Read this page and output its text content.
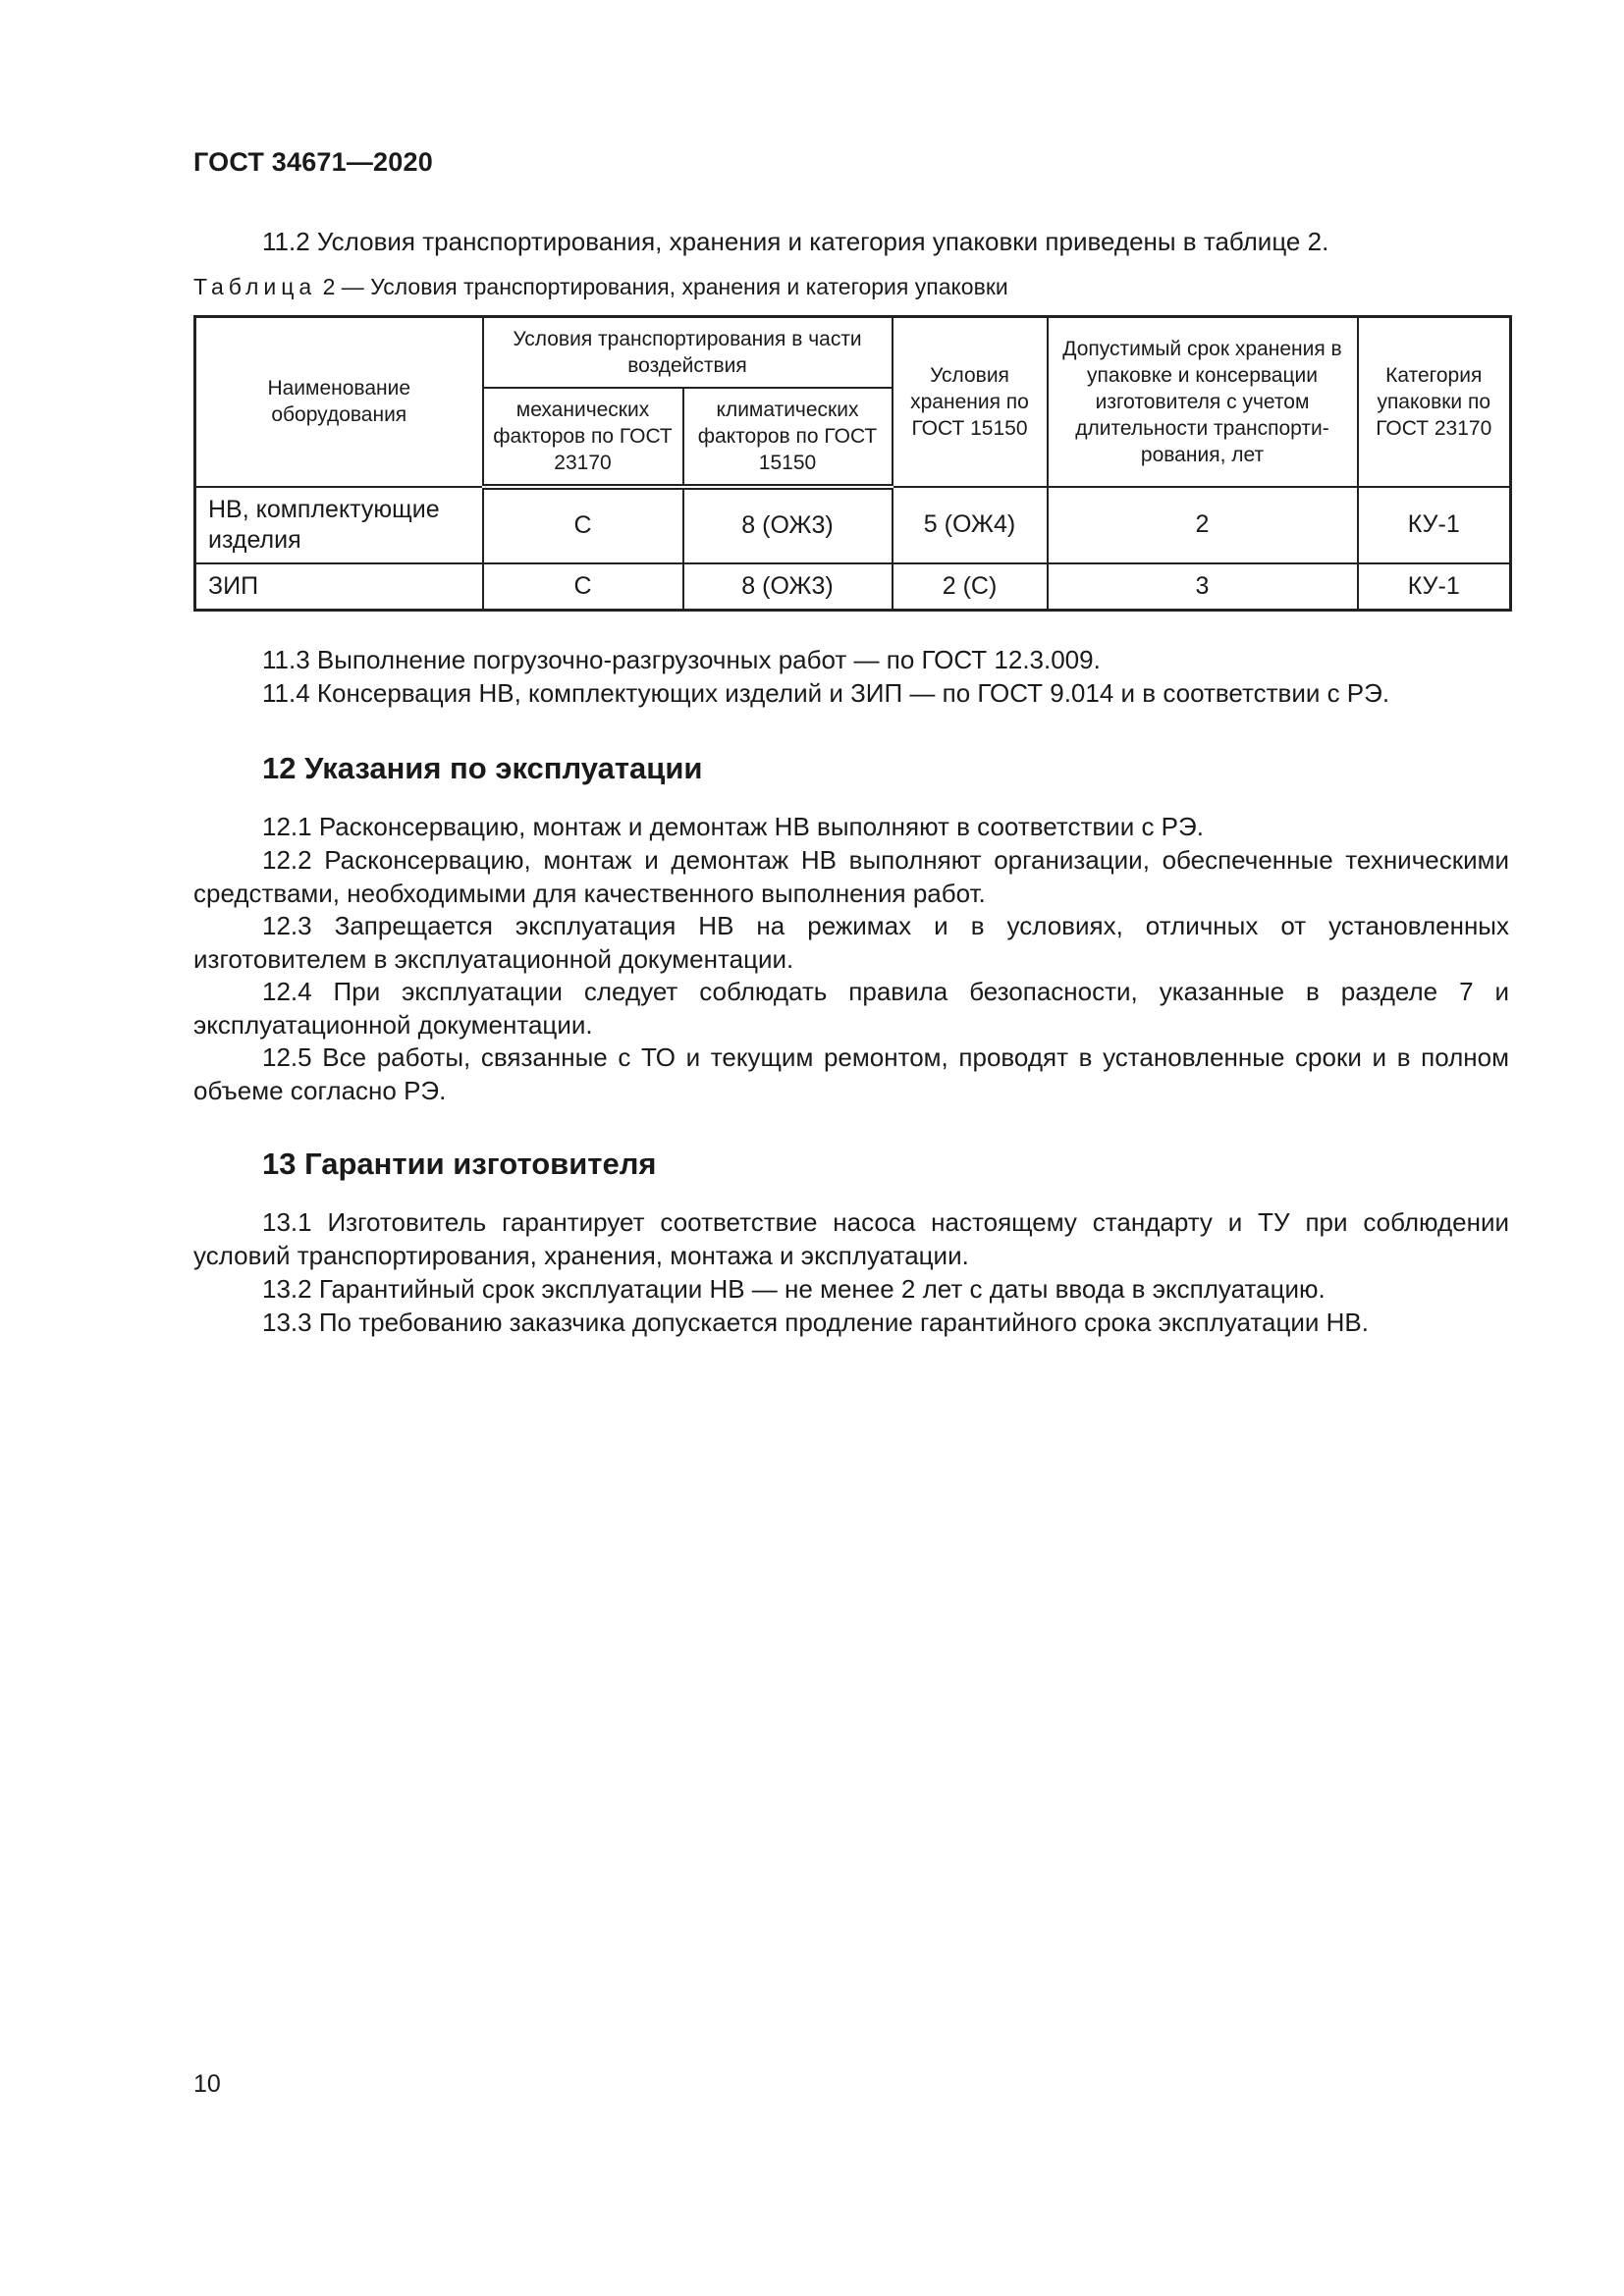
ГОСТ 34671—2020
11.2 Условия транспортирования, хранения и категория упаковки приведены в таблице 2.
Таблица 2 — Условия транспортирования, хранения и категория упаковки
Наименование оборудования	Условия транспортирования в части воздействия		Условия хранения по ГОСТ 15150	Допустимый срок хранения в упаковке и консервации изготовителя с учетом длительности транспорти-рования, лет	Категория упаковки по ГОСТ 23170
	механических факторов по ГОСТ 23170	климатических факторов по ГОСТ 15150			
НВ, комплектующие изделия	С	8 (ОЖ3)	5 (ОЖ4)	2	КУ-1
ЗИП	С	8 (ОЖ3)	2 (С)	3	КУ-1
11.3 Выполнение погрузочно-разгрузочных работ — по ГОСТ 12.3.009.
11.4 Консервация НВ, комплектующих изделий и ЗИП — по ГОСТ 9.014 и в соответствии с РЭ.
12 Указания по эксплуатации
12.1 Расконсервацию, монтаж и демонтаж НВ выполняют в соответствии с РЭ.
12.2 Расконсервацию, монтаж и демонтаж НВ выполняют организации, обеспеченные техническими средствами, необходимыми для качественного выполнения работ.
12.3 Запрещается эксплуатация НВ на режимах и в условиях, отличных от установленных изготовителем в эксплуатационной документации.
12.4 При эксплуатации следует соблюдать правила безопасности, указанные в разделе 7 и эксплуатационной документации.
12.5 Все работы, связанные с ТО и текущим ремонтом, проводят в установленные сроки и в полном объеме согласно РЭ.
13 Гарантии изготовителя
13.1 Изготовитель гарантирует соответствие насоса настоящему стандарту и ТУ при соблюдении условий транспортирования, хранения, монтажа и эксплуатации.
13.2 Гарантийный срок эксплуатации НВ — не менее 2 лет с даты ввода в эксплуатацию.
13.3 По требованию заказчика допускается продление гарантийного срока эксплуатации НВ.
10
